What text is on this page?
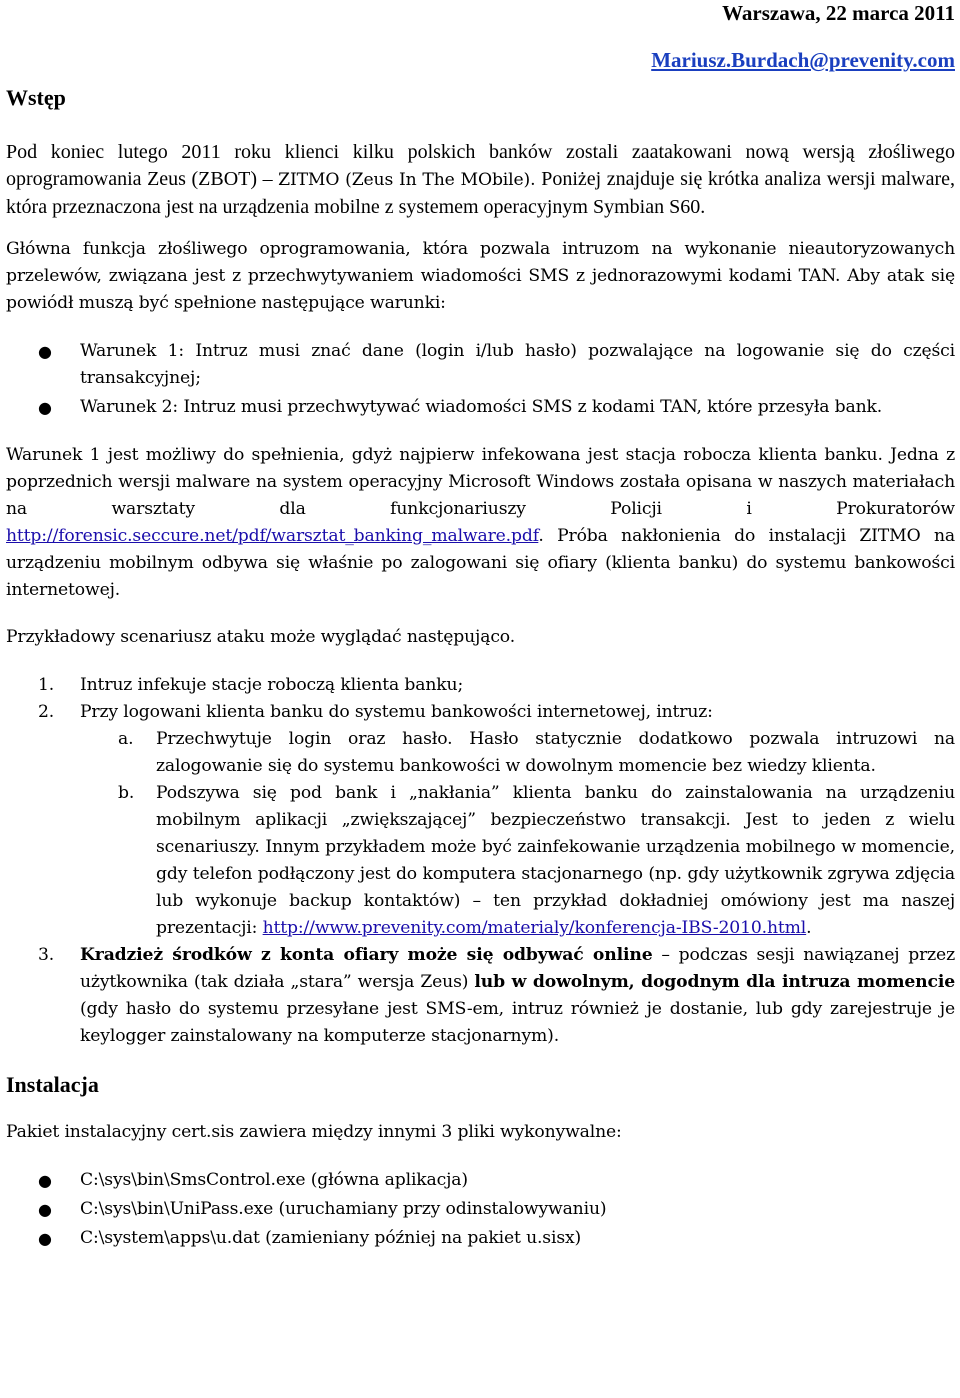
Warszawa, 22 marca 2011
Mariusz.Burdach@prevenity.com
Wstęp

Pod koniec lutego 2011 roku klienci kilku polskich banków zostali zaatakowani nową wersją złośliwego oprogramowania Zeus (ZBOT) – ZITMO (Zeus In The MObile). Poniżej znajduje się krótka analiza wersji malware, która przeznaczona jest na urządzenia mobilne z systemem operacyjnym Symbian S60.

Główna funkcja złośliwego oprogramowania, która pozwala intruzom na wykonanie nieautoryzowanych przelewów, związana jest z przechwytywaniem wiadomości SMS z jednorazowymi kodami TAN. Aby atak się powiódł muszą być spełnione następujące warunki:

● Warunek 1: Intruz musi znać dane (login i/lub hasło) pozwalające na logowanie się do części transakcyjnej;
● Warunek 2: Intruz musi przechwytywać wiadomości SMS z kodami TAN, które przesyła bank.

Warunek 1 jest możliwy do spełnienia, gdyż najpierw infekowana jest stacja robocza klienta banku. Jedna z poprzednich wersji malware na system operacyjny Microsoft Windows została opisana w naszych materiałach na warsztaty dla funkcjonariuszy Policji i Prokuratorów http://forensic.seccure.net/pdf/warsztat_banking_malware.pdf. Próba nakłonienia do instalacji ZITMO na urządzeniu mobilnym odbywa się właśnie po zalogowani się ofiary (klienta banku) do systemu bankowości internetowej.

Przykładowy scenariusz ataku może wyglądać następująco.

1. Intruz infekuje stacje roboczą klienta banku;
2. Przy logowani klienta banku do systemu bankowości internetowej, intruz:
a. Przechwytuje login oraz hasło. Hasło statycznie dodatkowo pozwala intruzowi na zalogowanie się do systemu bankowości w dowolnym momencie bez wiedzy klienta.
b. Podszywa się pod bank i „nakłania” klienta banku do zainstalowania na urządzeniu mobilnym aplikacji „zwiększającej” bezpieczeństwo transakcji. Jest to jeden z wielu scenariuszy. Innym przykładem może być zainfekowanie urządzenia mobilnego w momencie, gdy telefon podłączony jest do komputera stacjonarnego (np. gdy użytkownik zgrywa zdjęcia lub wykonuje backup kontaktów) – ten przykład dokładniej omówiony jest ma naszej prezentacji: http://www.prevenity.com/materialy/konferencja-IBS-2010.html.
3. Kradzież środków z konta ofiary może się odbywać online – podczas sesji nawiązanej przez użytkownika (tak działa „stara” wersja Zeus) lub w dowolnym, dogodnym dla intruza momencie (gdy hasło do systemu przesyłane jest SMS-em, intruz również je dostanie, lub gdy zarejestruje je keylogger zainstalowany na komputerze stacjonarnym).
Instalacja

Pakiet instalacyjny cert.sis zawiera między innymi 3 pliki wykonywalne:

● C:\sys\bin\SmsControl.exe (główna aplikacja)
● C:\sys\bin\UniPass.exe (uruchamiany przy odinstalowywaniu)
● C:\system\apps\u.dat (zamieniany później na pakiet u.sisx)
